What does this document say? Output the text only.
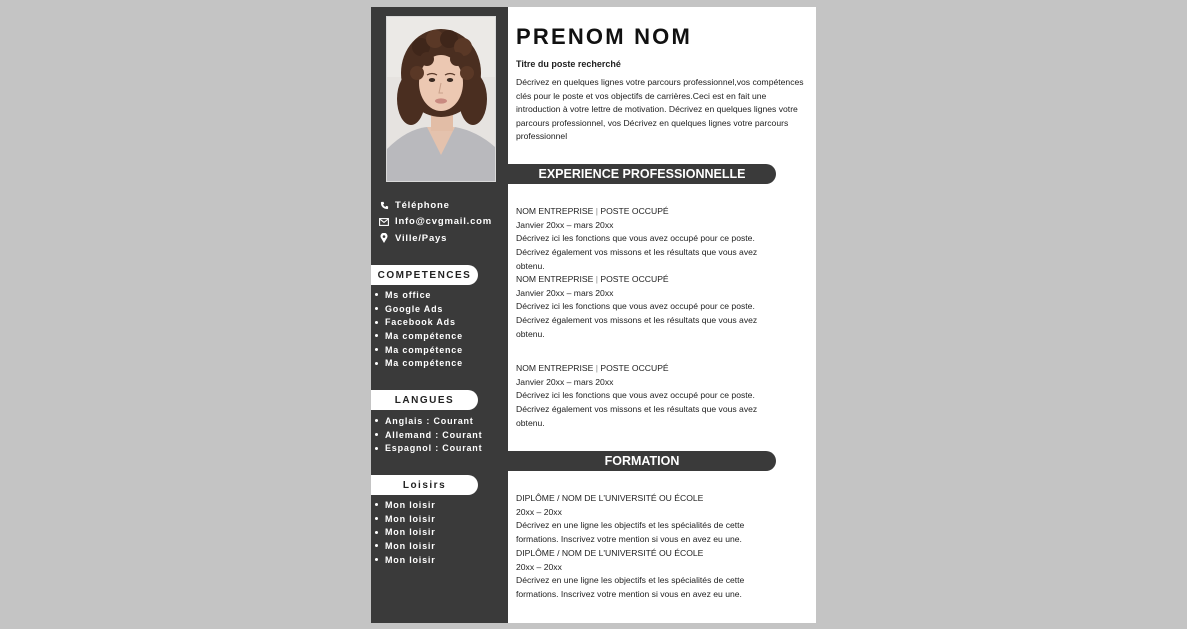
Téléphone
Info@cvgmail.com
Ville/Pays
COMPETENCES
Ms office
Google Ads
Facebook Ads
Ma compétence
Ma compétence
Ma compétence
LANGUES
Anglais : Courant
Allemand : Courant
Espagnol : Courant
Loisirs
Mon loisir
Mon loisir
Mon loisir
Mon loisir
Mon loisir
PRENOM NOM
Titre du poste recherché
Décrivez en quelques lignes votre parcours professionnel,vos compétences clés pour le poste et vos objectifs de carrières.Ceci est en fait une introduction à votre lettre de motivation. Décrivez en quelques lignes votre parcours professionnel, vos Décrivez en quelques lignes votre parcours professionnel
EXPERIENCE PROFESSIONNELLE
NOM ENTREPRISE | POSTE OCCUPÉ
Janvier 20xx – mars 20xx
Décrivez ici les fonctions que vous avez occupé pour ce poste.
Décrivez également vos missons et les résultats que vous avez
obtenu.
NOM ENTREPRISE | POSTE OCCUPÉ
Janvier 20xx – mars 20xx
Décrivez ici les fonctions que vous avez occupé pour ce poste.
Décrivez également vos missons et les résultats que vous avez
obtenu.
NOM ENTREPRISE | POSTE OCCUPÉ
Janvier 20xx – mars 20xx
Décrivez ici les fonctions que vous avez occupé pour ce poste.
Décrivez également vos missons et les résultats que vous avez
obtenu.
FORMATION
DIPLÔME / NOM DE L'UNIVERSITÉ OU ÉCOLE
20xx – 20xx
Décrivez en une ligne les objectifs et les spécialités de cette
formations. Inscrivez votre mention si vous en avez eu une.
DIPLÔME / NOM DE L'UNIVERSITÉ OU ÉCOLE
20xx – 20xx
Décrivez en une ligne les objectifs et les spécialités de cette
formations. Inscrivez votre mention si vous en avez eu une.
